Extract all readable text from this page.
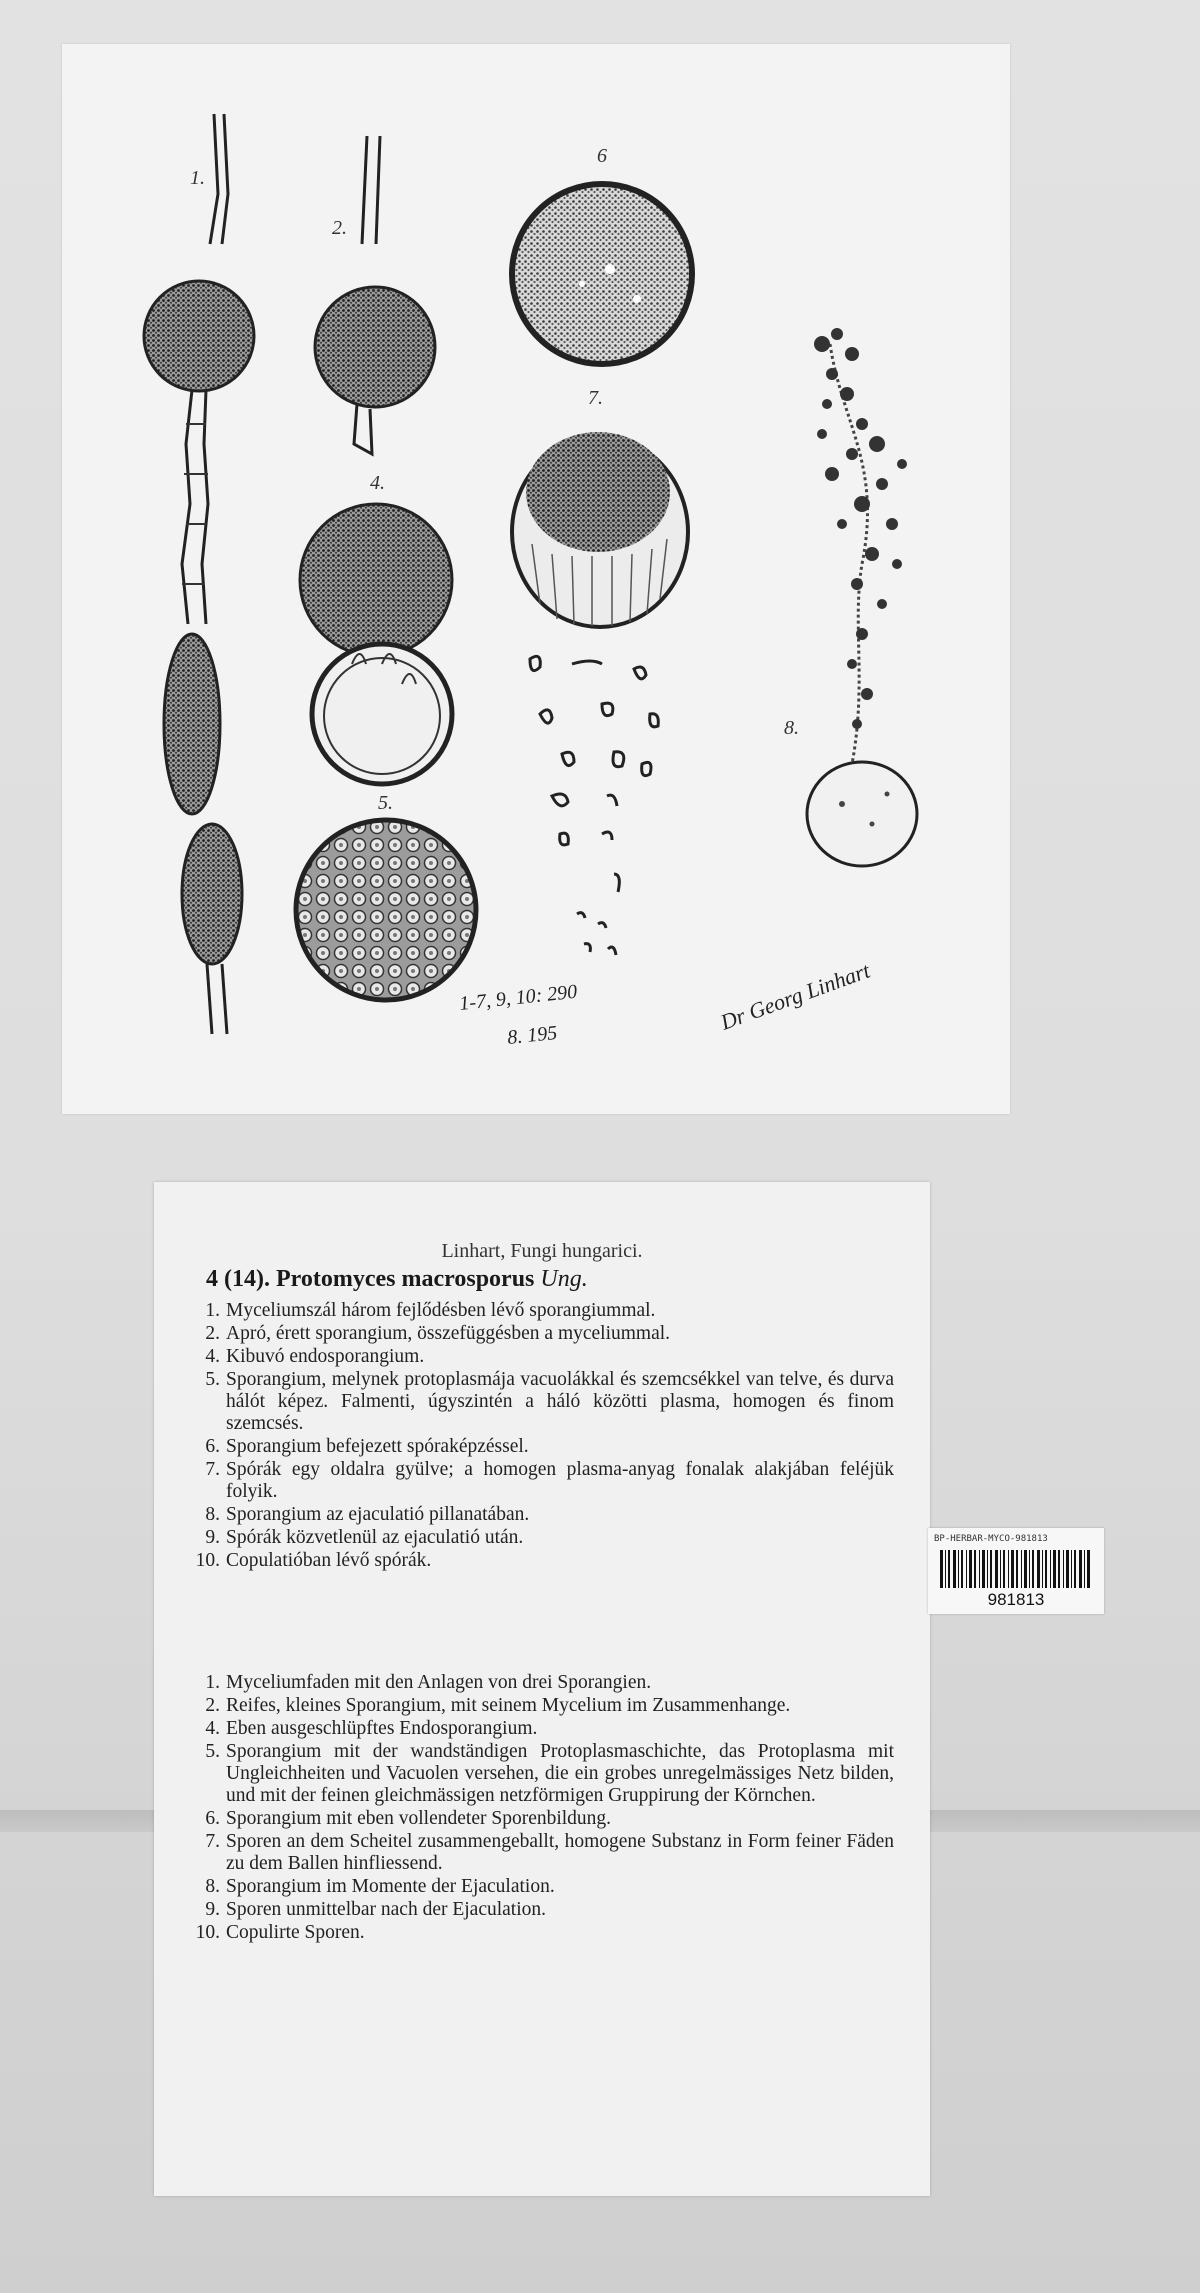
1.
2.
6
7.
4.
5.
8.
1-7, 9, 10: 290
8. 195
Dr Georg Linhart
Linhart, Fungi hungarici.
4 (14). Protomyces macrosporus Ung.
1. Myceliumszál három fejlődésben lévő sporangiummal.
2. Apró, érett sporangium, összefüggésben a myceliummal.
4. Kibuvó endosporangium.
5. Sporangium, melynek protoplasmája vacuolákkal és szemcsékkel van telve, és durva hálót képez. Falmenti, úgyszintén a háló közötti plasma, homogen és finom szemcsés.
6. Sporangium befejezett spóraképzéssel.
7. Spórák egy oldalra gyülve; a homogen plasma-anyag fonalak alakjában feléjük folyik.
8. Sporangium az ejaculatió pillanatában.
9. Spórák közvetlenül az ejaculatió után.
10. Copulatióban lévő spórák.
1. Myceliumfaden mit den Anlagen von drei Sporangien.
2. Reifes, kleines Sporangium, mit seinem Mycelium im Zusammenhange.
4. Eben ausgeschlüpftes Endosporangium.
5. Sporangium mit der wandständigen Protoplasmaschichte, das Protoplasma mit Ungleichheiten und Vacuolen versehen, die ein grobes unregelmässiges Netz bilden, und mit der feinen gleichmässigen netzförmigen Gruppirung der Körnchen.
6. Sporangium mit eben vollendeter Sporenbildung.
7. Sporen an dem Scheitel zusammengeballt, homogene Substanz in Form feiner Fäden zu dem Ballen hinfliessend.
8. Sporangium im Momente der Ejaculation.
9. Sporen unmittelbar nach der Ejaculation.
10. Copulirte Sporen.
BP-HERBAR-MYCO-981813
981813
